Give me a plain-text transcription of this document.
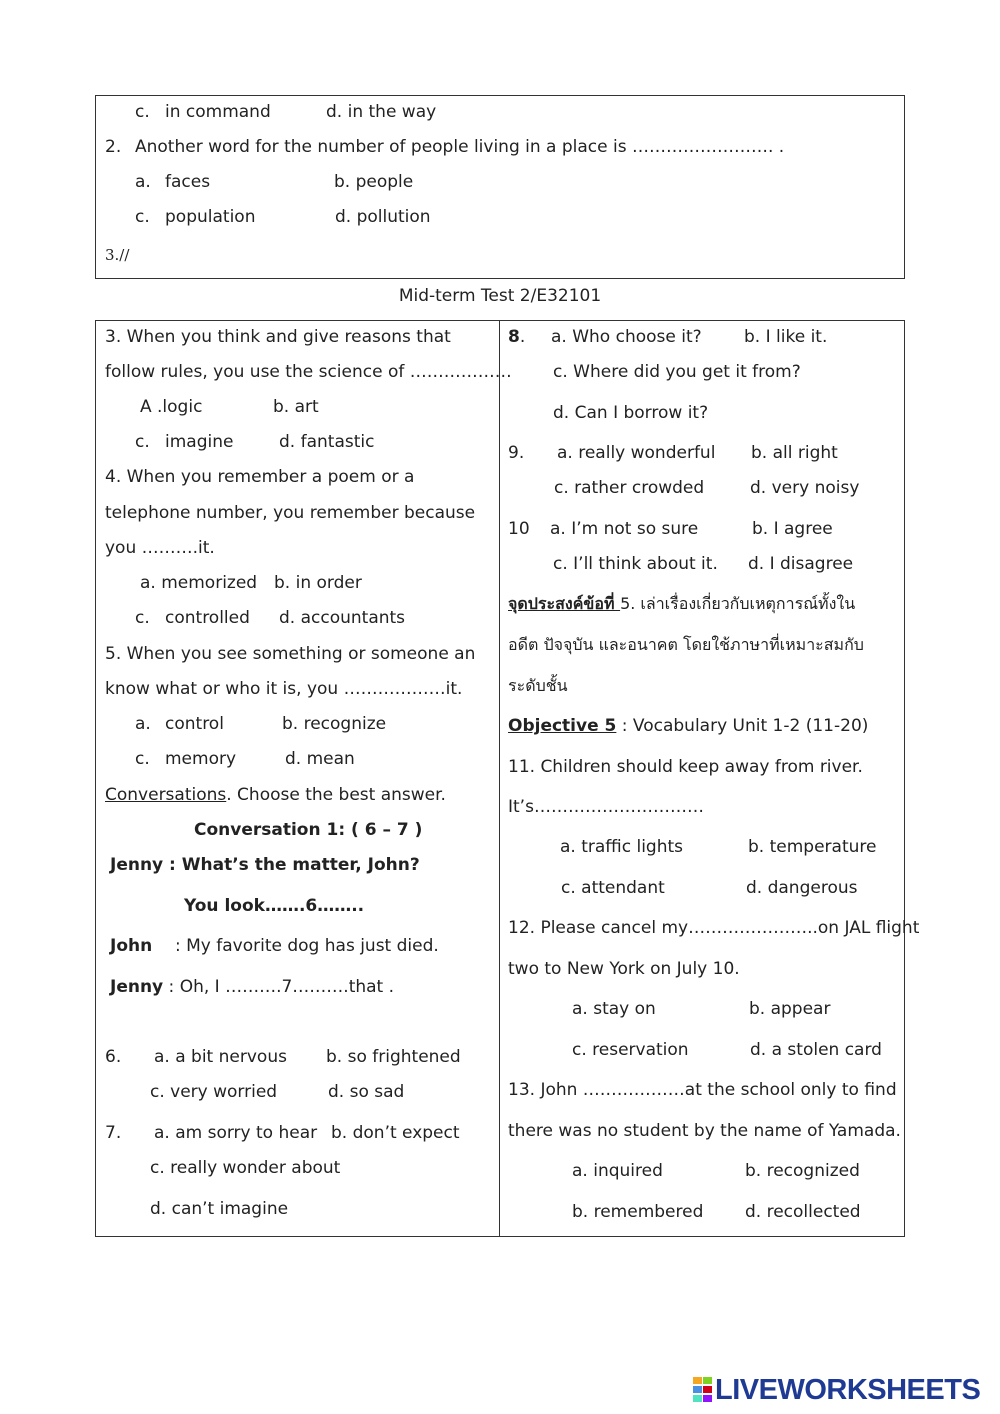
c. in command	d. in the way
2. Another word for the number of people living in a place is ……………………. .
a. faces	b. people
c. population	d. pollution
3.//
Mid-term Test 2/E32101
3. When you think and give reasons that
follow rules, you use the science of ………………
A .logic	b. art
c. imagine	d. fantastic
4. When you remember a poem or a
telephone number, you remember because
you ……….it.
a. memorized b. in order
c. controlled d. accountants
5. When you see something or someone an
know what or who it is, you ………………it.
a. control	b. recognize
c. memory	d. mean
Conversations. Choose the best answer.
Conversation 1: ( 6 – 7 )
Jenny : What’s the matter, John?
You look…….6……..
John : My favorite dog has just died.
Jenny : Oh, I ……….7……….that .
6. a. a bit nervous b. so frightened
c. very worried	d. so sad
7. a. am sorry to hear b. don’t expect
c. really wonder about
d. can’t imagine
8. a. Who choose it? b. I like it.
c. Where did you get it from?
d. Can I borrow it?
9. a. really wonderful b. all right
c. rather crowded	d. very noisy
10 a. I’m not so sure	b. I agree
c. I’ll think about it. d. I disagree
จุดประสงค์ข้อที่ 5. เล่าเรื่องเกี่ยวกับเหตุการณ์ทั้งใน
อดีต ปัจจุบัน และอนาคต โดยใช้ภาษาที่เหมาะสมกับ
ระดับชั้น
Objective 5 : Vocabulary Unit 1-2 (11-20)
11. Children should keep away from river.
It’s…………………………
a. traffic lights	b. temperature
c. attendant	d. dangerous
12. Please cancel my…………………..on JAL flight
two to New York on July 10.
a. stay on	b. appear
c. reservation	d. a stolen card
13. John ………………at the school only to find
there was no student by the name of Yamada.
a. inquired	b. recognized
b. remembered d. recollected
LIVEWORKSHEETS
